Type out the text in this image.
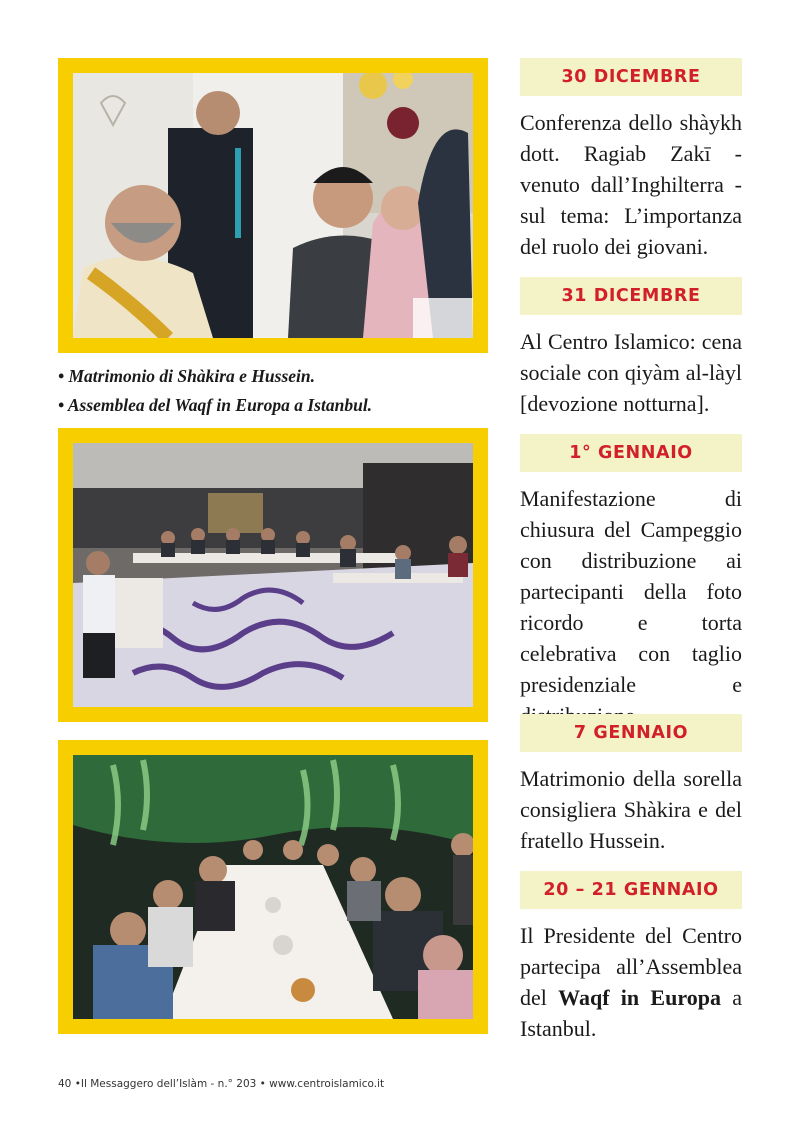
• Matrimonio di Shàkira e Hussein.

• Assemblea del Waqf in Europa a Istanbul.

30 DICEMBRE

Conferenza dello shàykh dott. Ragiab Zakī - venuto dall’Inghilterra - sul tema: L’importanza del ruolo dei giovani.

31 DICEMBRE

Al Centro Islamico: cena sociale con qiyàm al-làyl [devozione notturna].

1° GENNAIO

Manifestazione di chiusura del Campeggio con distribuzione ai partecipanti della foto ricordo e torta celebrativa con taglio presidenziale e

7 GENNAIO

Matrimonio della sorella consigliera Shàkira e del fratello Hussein.

20 – 21 GENNAIO

Il Presidente del Centro partecipa all’Assemblea del Waqf in Europa a Istanbul.

40 •Il Messaggero dell’Islàm - n.° 203 • www.centroislamico.it
